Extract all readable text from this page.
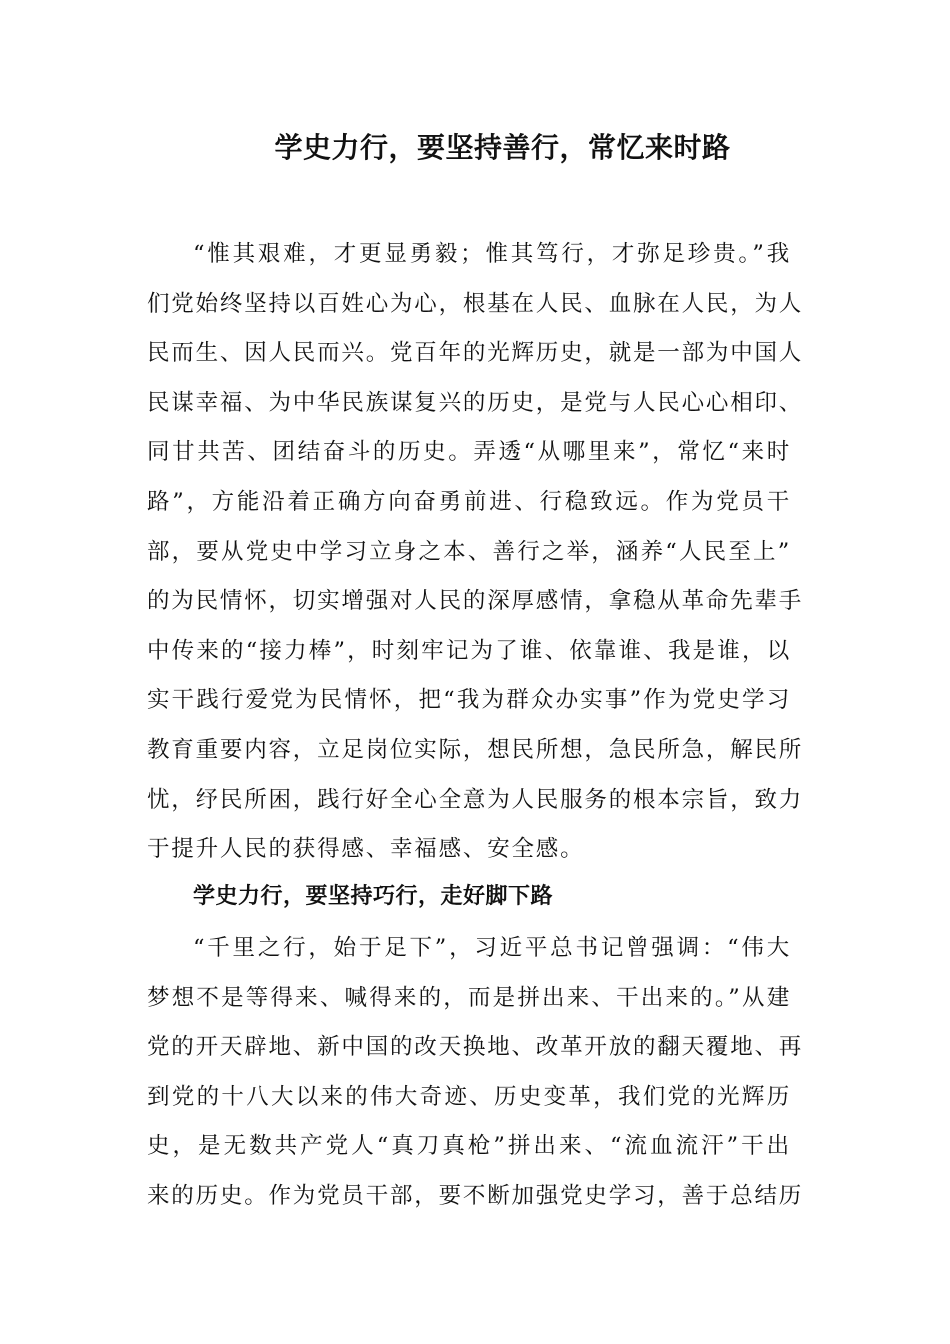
学史力行，要坚持善行，常忆来时路
“惟其艰难，才更显勇毅；惟其笃行，才弥足珍贵。”我
们党始终坚持以百姓心为心，根基在人民、血脉在人民，为人
民而生、因人民而兴。党百年的光辉历史，就是一部为中国人
民谋幸福、为中华民族谋复兴的历史，是党与人民心心相印、
同甘共苦、团结奋斗的历史。弄透“从哪里来”，常忆“来时
路”，方能沿着正确方向奋勇前进、行稳致远。作为党员干
部，要从党史中学习立身之本、善行之举，涵养“人民至上”
的为民情怀，切实增强对人民的深厚感情，拿稳从革命先辈手
中传来的“接力棒”，时刻牢记为了谁、依靠谁、我是谁，以
实干践行爱党为民情怀，把“我为群众办实事”作为党史学习
教育重要内容，立足岗位实际，想民所想，急民所急，解民所
忧，纾民所困，践行好全心全意为人民服务的根本宗旨，致力
于提升人民的获得感、幸福感、安全感。
学史力行，要坚持巧行，走好脚下路
“千里之行，始于足下”，习近平总书记曾强调：“伟大
梦想不是等得来、喊得来的，而是拼出来、干出来的。”从建
党的开天辟地、新中国的改天换地、改革开放的翻天覆地、再
到党的十八大以来的伟大奇迹、历史变革，我们党的光辉历
史，是无数共产党人“真刀真枪”拼出来、“流血流汗”干出
来的历史。作为党员干部，要不断加强党史学习，善于总结历
